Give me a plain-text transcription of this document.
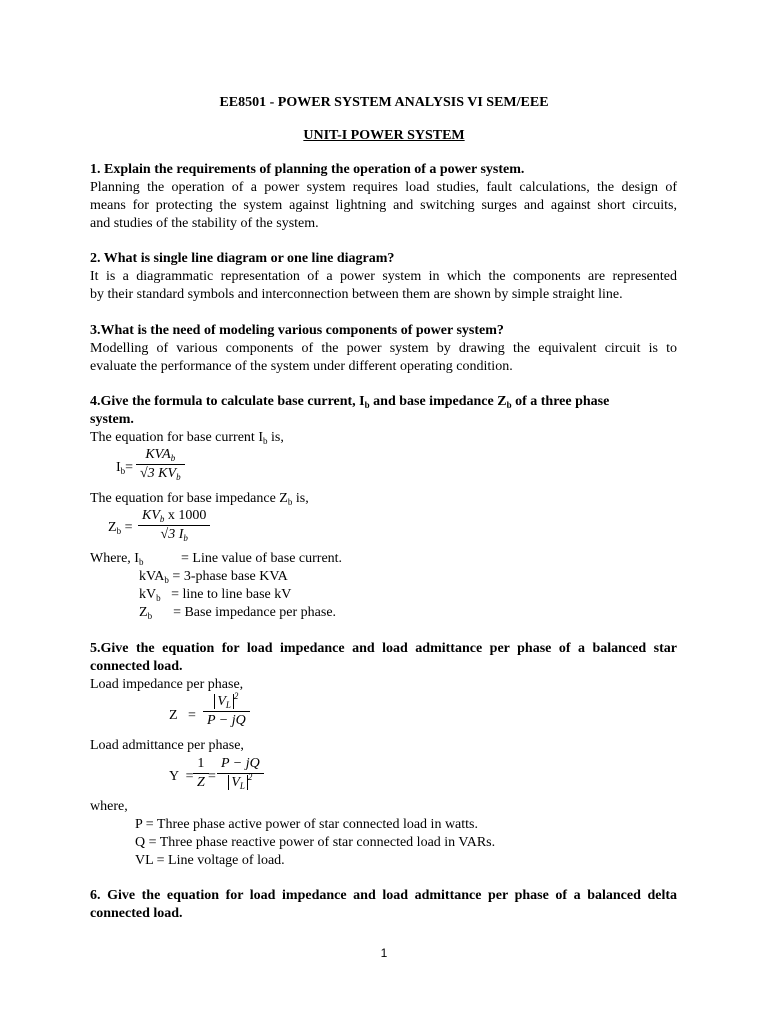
EE8501 - POWER SYSTEM ANALYSIS VI SEM/EEE
UNIT-I POWER SYSTEM
1. Explain the requirements of planning the operation of a power system.
Planning the operation of a power system requires load studies, fault calculations, the design of
means for protecting the system against lightning and switching surges and against short circuits,
and studies of the stability of the system.
2. What is single line diagram or one line diagram?
It is a diagrammatic representation of a power system in which the components are represented
by their standard symbols and interconnection between them are shown by simple straight line.
3.What is the need of modeling various components of power system?
Modelling of various components of the power system by drawing the equivalent circuit is to
evaluate the performance of the system under different operating condition.
4.Give the formula to calculate base current, $I_b$ and base impedance $Z_b$ of a three phase
system.
The equation for base current $I_b$ is,
$I_b=$
$KVA_b$
√3 $KV_b$
The equation for base impedance $Z_b$ is,
$Z_b$ =
$KV_b$ x 1000
√3 $I_b$
Where, $I_b$	= Line value of base current.
kVA$_b$ = 3-phase base KVA
$kV_b$   = line to line base kV
$Z_b$      = Base impedance per phase.
5.Give the equation for load impedance and load admittance per phase of a balanced star
connected load.
Load impedance per phase,
$Z = \frac{V_L^2}{P - jQ}$
Load admittance per phase,
$Y = \frac{1}{Z} = \frac{P - jQ}{V_L^2}$
where,
P = Three phase active power of star connected load in watts.
Q = Three phase reactive power of star connected load in VARs.
VL = Line voltage of load.
6. Give the equation for load impedance and load admittance per phase of a balanced delta
connected load.
1
